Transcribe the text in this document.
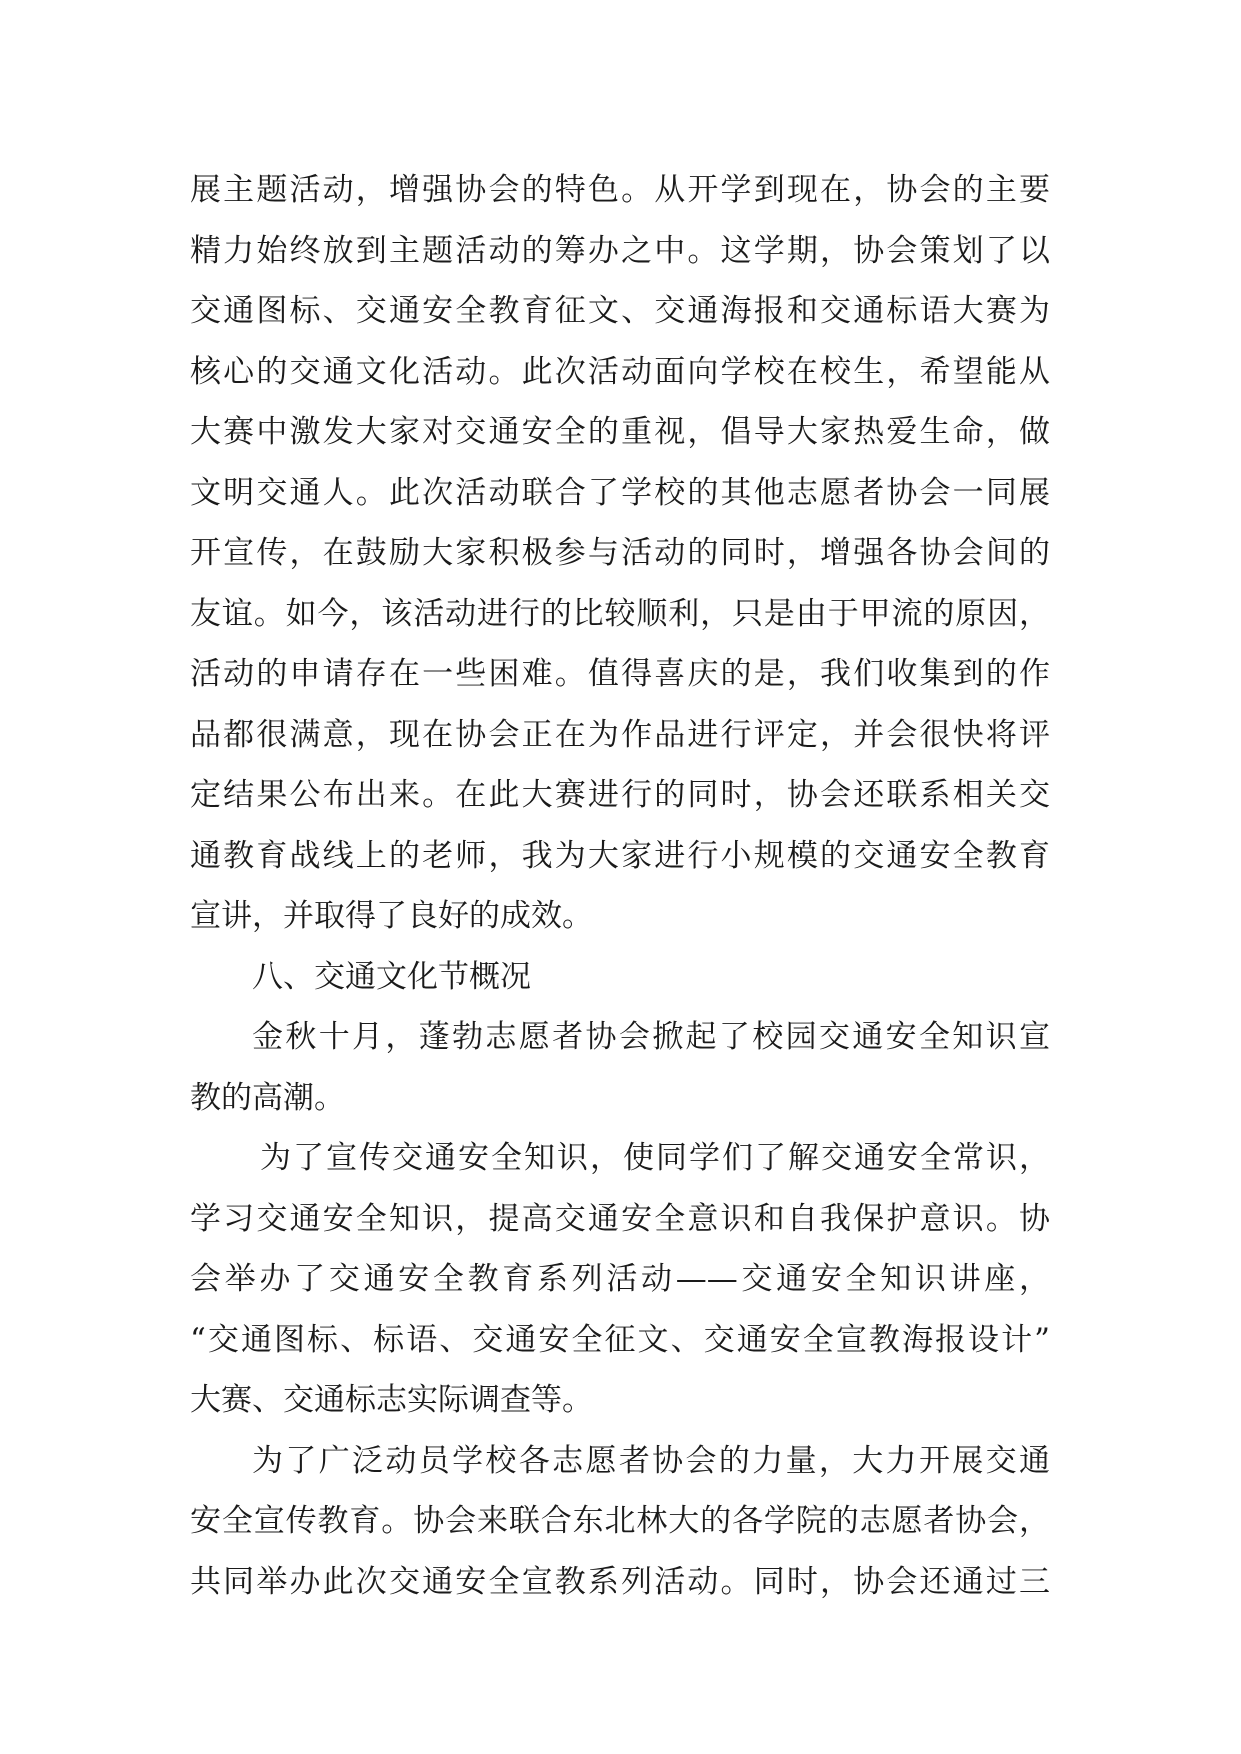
展主题活动，增强协会的特色。从开学到现在，协会的主要
精力始终放到主题活动的筹办之中。这学期，协会策划了以
交通图标、交通安全教育征文、交通海报和交通标语大赛为
核心的交通文化活动。此次活动面向学校在校生，希望能从
大赛中激发大家对交通安全的重视，倡导大家热爱生命，做
文明交通人。此次活动联合了学校的其他志愿者协会一同展
开宣传，在鼓励大家积极参与活动的同时，增强各协会间的
友谊。如今，该活动进行的比较顺利，只是由于甲流的原因，
活动的申请存在一些困难。值得喜庆的是，我们收集到的作
品都很满意，现在协会正在为作品进行评定，并会很快将评
定结果公布出来。在此大赛进行的同时，协会还联系相关交
通教育战线上的老师，我为大家进行小规模的交通安全教育
宣讲，并取得了良好的成效。
八、交通文化节概况
金秋十月，蓬勃志愿者协会掀起了校园交通安全知识宣
教的高潮。
为了宣传交通安全知识，使同学们了解交通安全常识，
学习交通安全知识，提高交通安全意识和自我保护意识。协
会举办了交通安全教育系列活动——交通安全知识讲座，
“交通图标、标语、交通安全征文、交通安全宣教海报设计”
大赛、交通标志实际调查等。
为了广泛动员学校各志愿者协会的力量，大力开展交通
安全宣传教育。协会来联合东北林大的各学院的志愿者协会，
共同举办此次交通安全宣教系列活动。同时，协会还通过三
